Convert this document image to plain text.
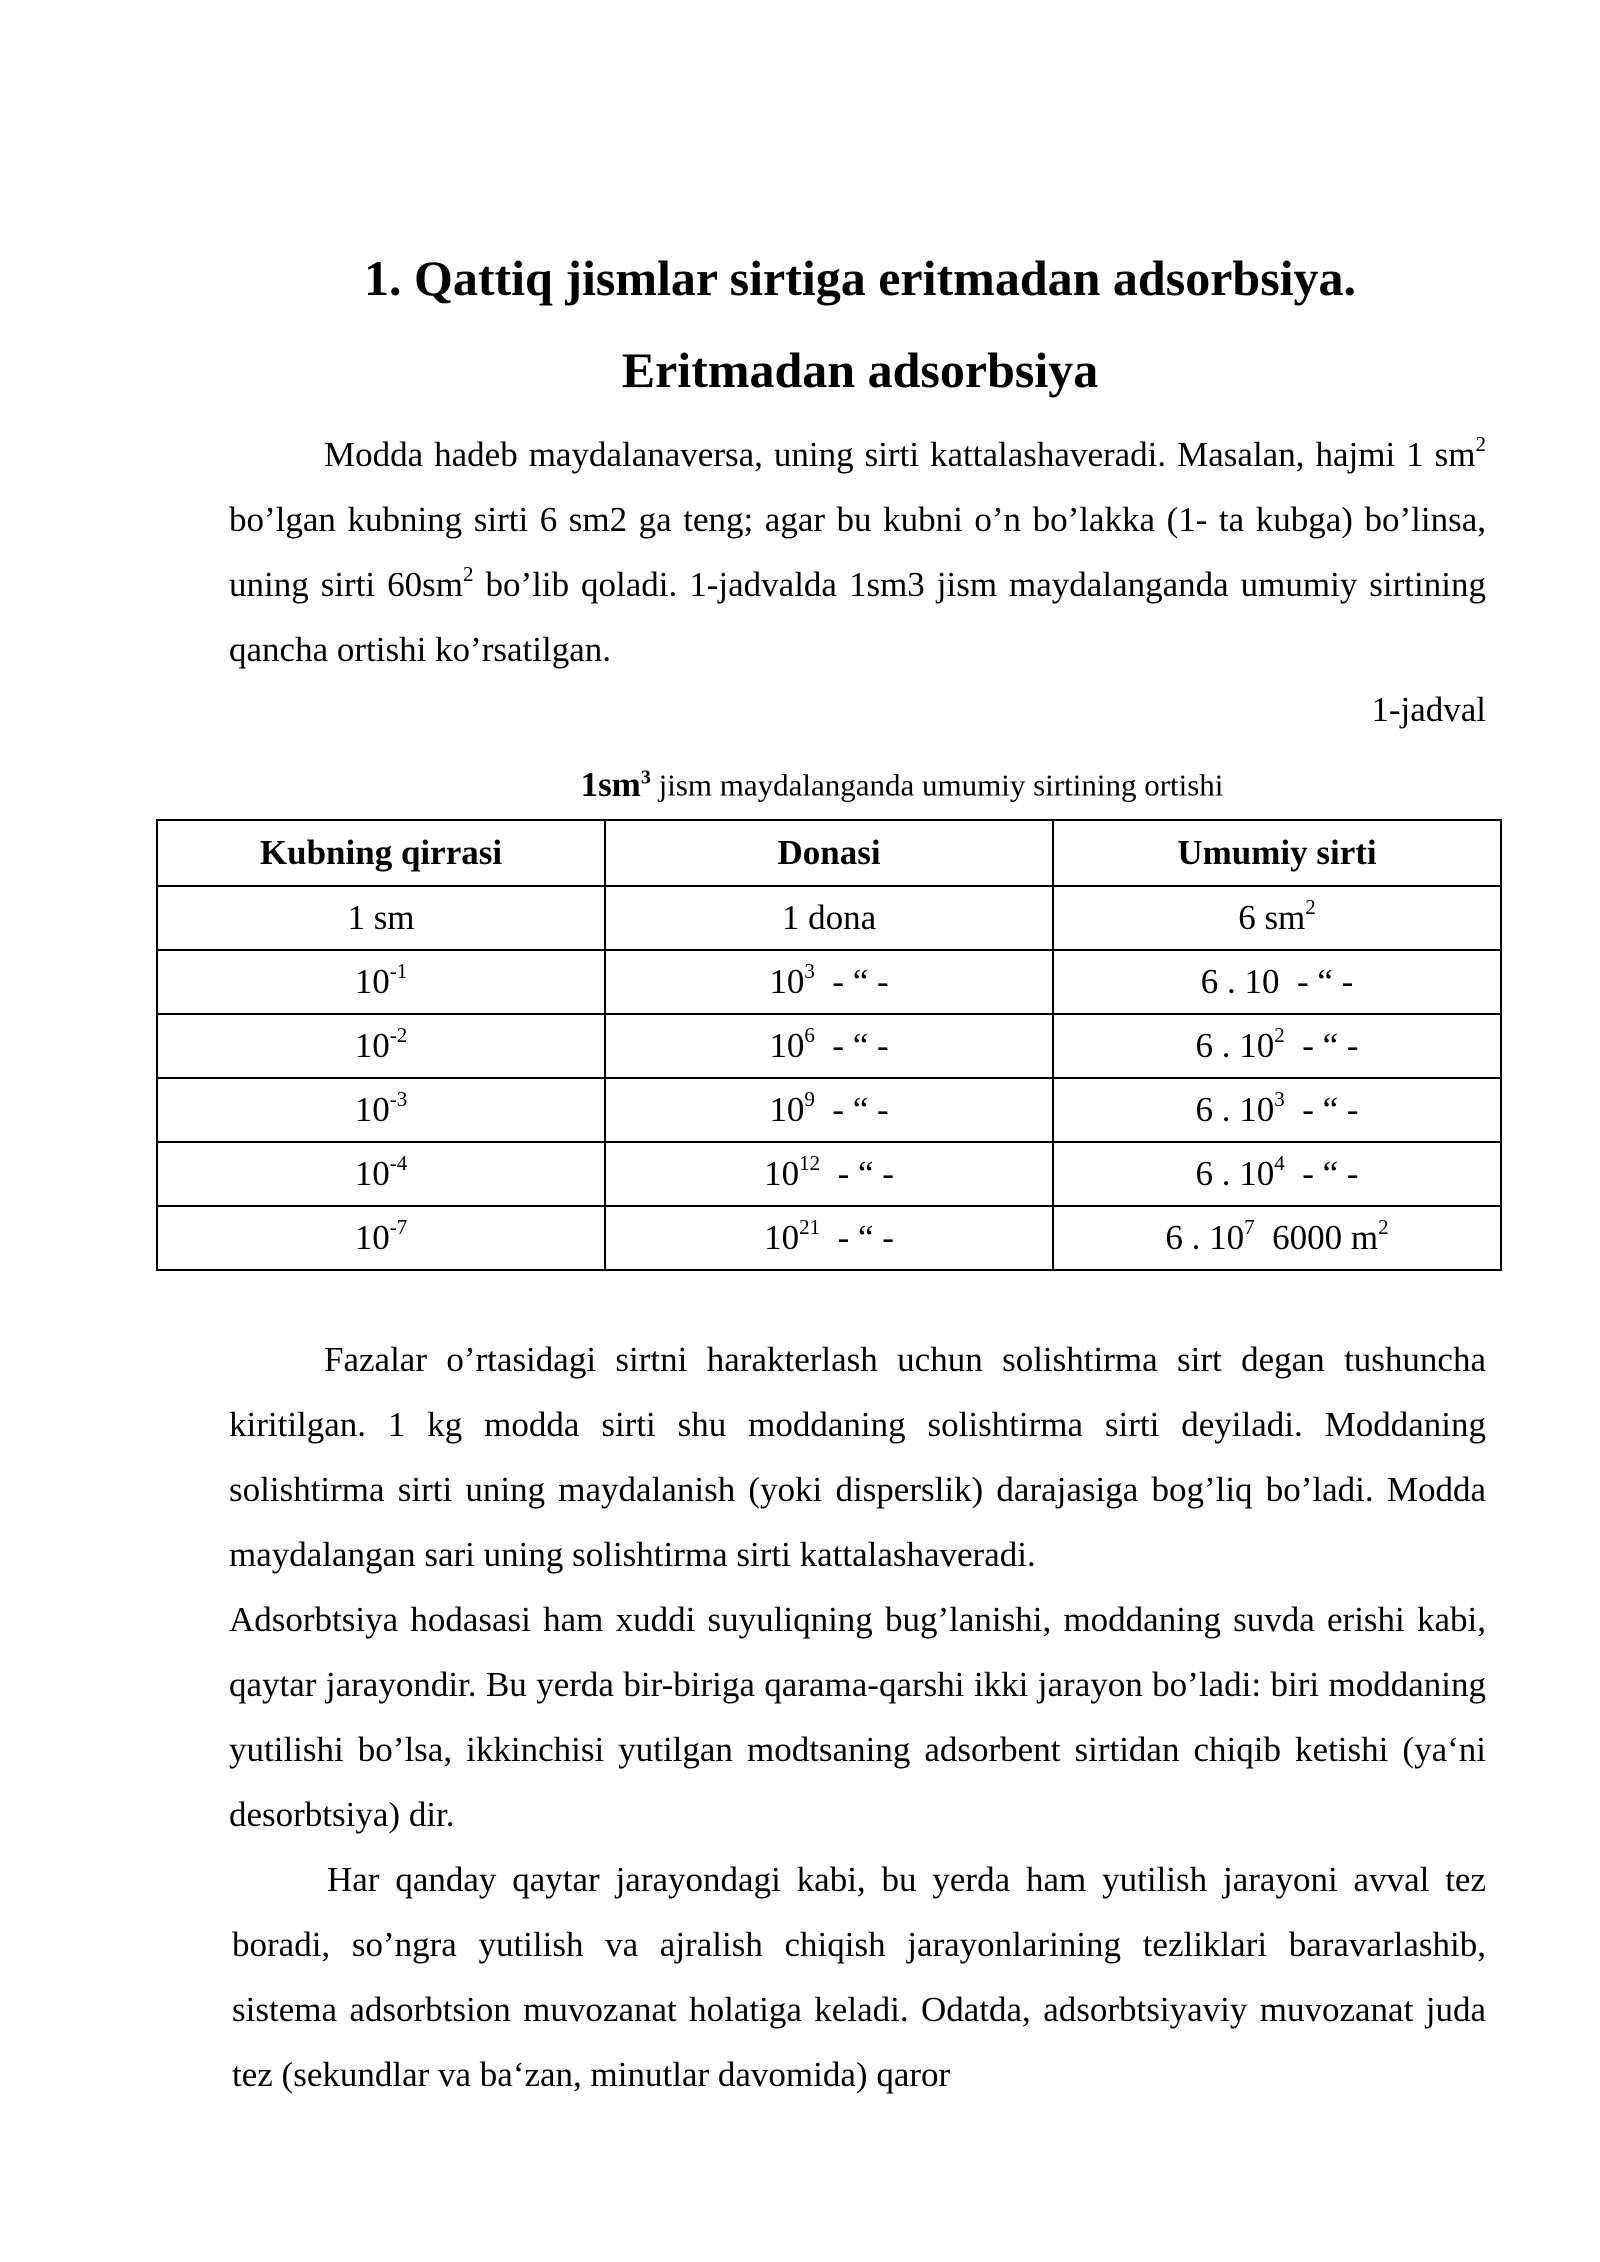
1. Qattiq jismlar sirtiga eritmadan adsorbsiya.
Eritmadan adsorbsiya

Modda hadeb maydalanaversa, uning sirti kattalashaveradi. Masalan, hajmi 1 $sm^2$ bo’lgan kubning sirti 6 sm2 ga teng; agar bu kubni o’n bo’lakka (1- ta kubga) bo’linsa, uning sirti $60sm^2$ bo’lib qoladi. 1-jadvalda 1sm3 jism maydalanganda umumiy sirtining qancha ortishi ko’rsatilgan.

1-jadval

$1sm^3$ jism maydalanganda umumiy sirtining ortishi

Kubning qirrasi	Donasi	Umumiy sirti
1 sm	1 dona	6 $sm^2$
$10^{-1}$	$10^3$  - “ -	6 . 10  - “ -
$10^{-2}$	$10^6$  - “ -	6 . $10^2$  - “ -
$10^{-3}$	$10^9$  - “ -	6 . $10^3$  - “ -
$10^{-4}$	$10^{12}$  - “ -	6 . $10^4$  - “ -
$10^{-7}$	$10^{21}$  - “ -	6 . $10^7$  6000 $m^2$

Fazalar o’rtasidagi sirtni harakterlash uchun solishtirma sirt degan tushuncha kiritilgan. 1 kg modda sirti shu moddaning solishtirma sirti deyiladi. Moddaning solishtirma sirti uning maydalanish (yoki disperslik) darajasiga bog’liq bo’ladi. Modda maydalangan sari uning solishtirma sirti kattalashaveradi.

Adsorbtsiya hodasasi ham xuddi suyuliqning bug’lanishi, moddaning suvda erishi kabi, qaytar jarayondir. Bu yerda bir-biriga qarama-qarshi ikki jarayon bo’ladi: biri moddaning yutilishi bo’lsa, ikkinchisi yutilgan modtsaning adsorbent sirtidan chiqib ketishi (ya‘ni desorbtsiya) dir.

Har qanday qaytar jarayondagi kabi, bu yerda ham yutilish jarayoni avval tez boradi, so’ngra yutilish va ajralish chiqish jarayonlarining tezliklari baravarlashib, sistema adsorbtsion muvozanat holatiga keladi. Odatda, adsorbtsiyaviy muvozanat juda tez (sekundlar va ba‘zan, minutlar davomida) qaror
